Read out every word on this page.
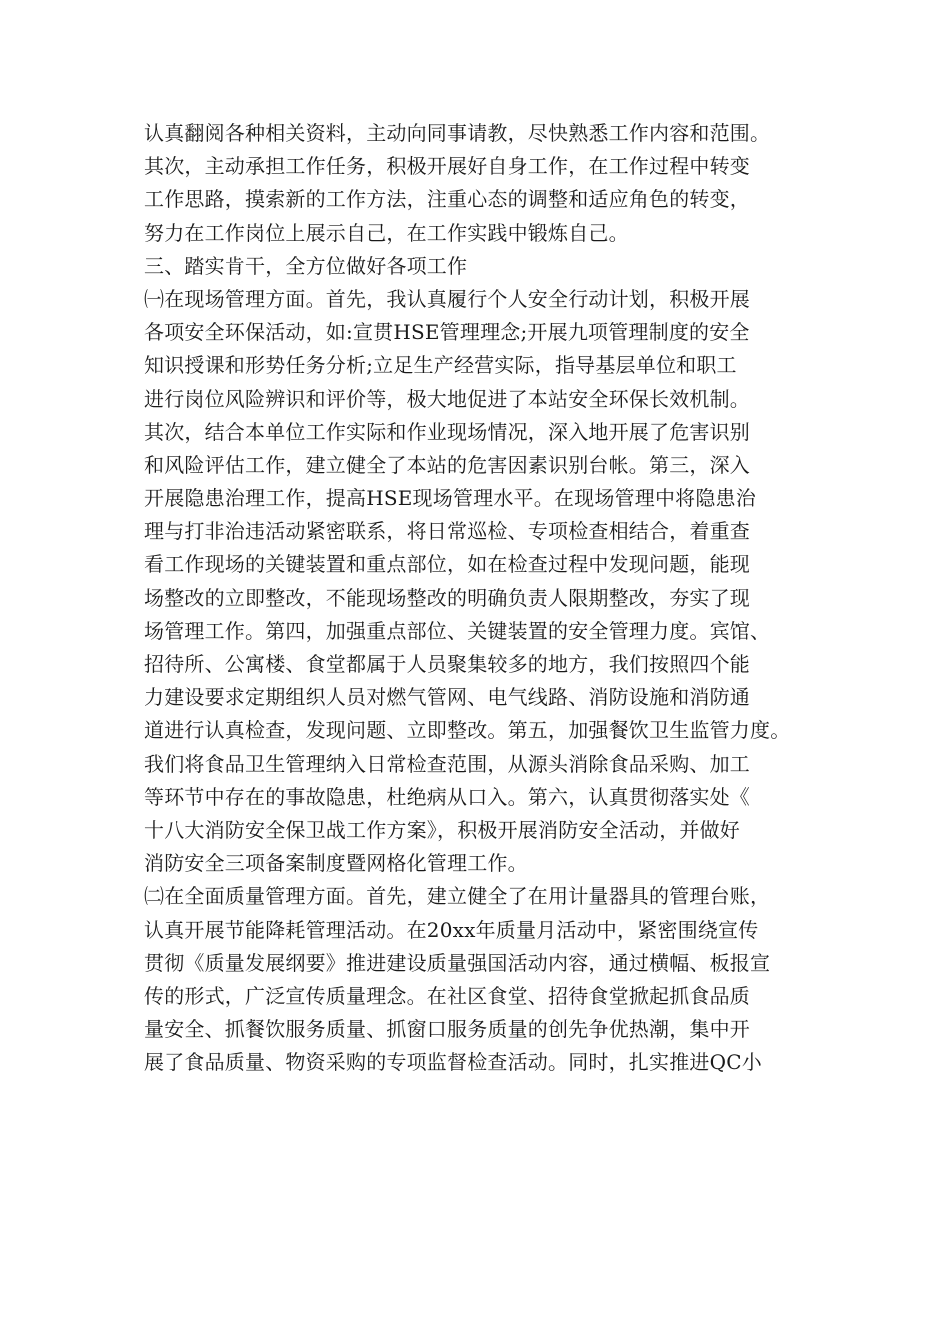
认真翻阅各种相关资料，主动向同事请教，尽快熟悉工作内容和范围。
其次，主动承担工作任务，积极开展好自身工作，在工作过程中转变
工作思路，摸索新的工作方法，注重心态的调整和适应角色的转变，
努力在工作岗位上展示自己，在工作实践中锻炼自己。
三、踏实肯干，全方位做好各项工作
㈠在现场管理方面。首先，我认真履行个人安全行动计划，积极开展
各项安全环保活动，如:宣贯HSE管理理念;开展九项管理制度的安全
知识授课和形势任务分析;立足生产经营实际，指导基层单位和职工
进行岗位风险辨识和评价等，极大地促进了本站安全环保长效机制。
其次，结合本单位工作实际和作业现场情况，深入地开展了危害识别
和风险评估工作，建立健全了本站的危害因素识别台帐。第三，深入
开展隐患治理工作，提高HSE现场管理水平。在现场管理中将隐患治
理与打非治违活动紧密联系，将日常巡检、专项检查相结合，着重查
看工作现场的关键装置和重点部位，如在检查过程中发现问题，能现
场整改的立即整改，不能现场整改的明确负责人限期整改，夯实了现
场管理工作。第四，加强重点部位、关键装置的安全管理力度。宾馆、
招待所、公寓楼、食堂都属于人员聚集较多的地方，我们按照四个能
力建设要求定期组织人员对燃气管网、电气线路、消防设施和消防通
道进行认真检查，发现问题、立即整改。第五，加强餐饮卫生监管力度。
我们将食品卫生管理纳入日常检查范围，从源头消除食品采购、加工
等环节中存在的事故隐患，杜绝病从口入。第六，认真贯彻落实处《
十八大消防安全保卫战工作方案》，积极开展消防安全活动，并做好
消防安全三项备案制度暨网格化管理工作。
㈡在全面质量管理方面。首先，建立健全了在用计量器具的管理台账，
认真开展节能降耗管理活动。在20xx年质量月活动中，紧密围绕宣传
贯彻《质量发展纲要》推进建设质量强国活动内容，通过横幅、板报宣
传的形式，广泛宣传质量理念。在社区食堂、招待食堂掀起抓食品质
量安全、抓餐饮服务质量、抓窗口服务质量的创先争优热潮，集中开
展了食品质量、物资采购的专项监督检查活动。同时，扎实推进QC小
